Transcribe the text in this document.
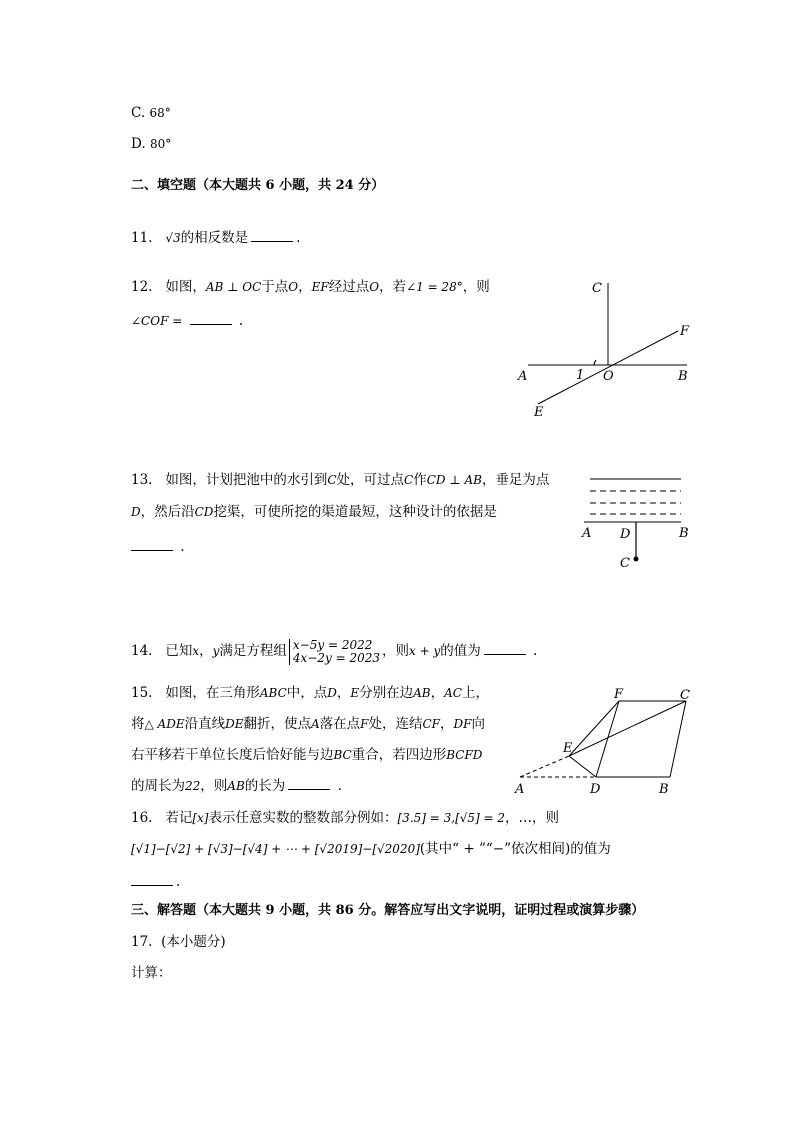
C. 68°
D. 80°
二、填空题（本大题共 6 小题，共 24 分）
11. √3的相反数是	.
12. 如图，AB ⊥ OC于点O，EF经过点O，若∠1 = 28°，则
∠COF =	.
C
F
A	1 O	B
E
13. 如图，计划把池中的水引到C处，可过点C作CD ⊥ AB，垂足为点
D，然后沿CD挖渠，可使所挖的渠道最短，这种设计的依据是
.
A D	B
C
14. 已知x，y满足方程组 x−5y = 2022
4x−2y = 2023 ，则x + y的值为	.
15. 如图，在三角形ABC中，点D，E分别在边AB，AC上，
将△ ADE沿直线DE翻折，使点A落在点F处，连结CF，DF向
右平移若干单位长度后恰好能与边BC重合，若四边形BCFD
的周长为22，则AB的长为	.
F	C
E
A	D	B
16. 若记[x]表示任意实数的整数部分例如：[3.5] = 3,[√5] = 2，…，则
[√1]−[√2] + [√3]−[√4] + ⋯ + [√2019]−[√2020](其中“ + ”“−”依次相间)的值为
.
三、解答题（本大题共 9 小题，共 86 分。解答应写出文字说明，证明过程或演算步骤）
17. (本小题分)
计算：
